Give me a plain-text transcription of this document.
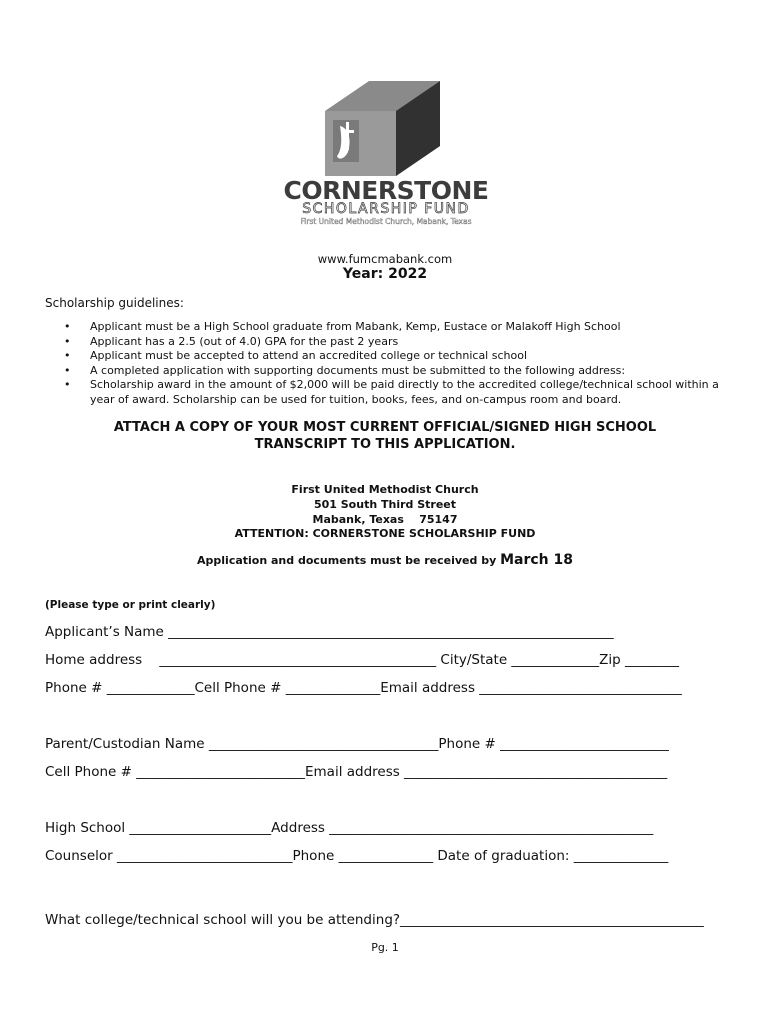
CORNERSTONE
SCHOLARSHIP FUND
First United Methodist Church, Mabank, Texas
www.fumcmabank.com
Year: 2022
Scholarship guidelines:
• Applicant must be a High School graduate from Mabank, Kemp, Eustace or Malakoff High School
• Applicant has a 2.5 (out of 4.0) GPA for the past 2 years
• Applicant must be accepted to attend an accredited college or technical school
• A completed application with supporting documents must be submitted to the following address:
• Scholarship award in the amount of $2,000 will be paid directly to the accredited college/technical school within a year of award. Scholarship can be used for tuition, books, fees, and on-campus room and board.
ATTACH A COPY OF YOUR MOST CURRENT OFFICIAL/SIGNED HIGH SCHOOL
TRANSCRIPT TO THIS APPLICATION.
First United Methodist Church
501 South Third Street
Mabank, Texas    75147
ATTENTION: CORNERSTONE SCHOLARSHIP FUND
Application and documents must be received by March 18
(Please type or print clearly)
Applicant’s Name __________________________________________________________________
Home address    _________________________________________ City/State _____________Zip ________
Phone # _____________Cell Phone # ______________Email address ______________________________
Parent/Custodian Name __________________________________Phone # _________________________
Cell Phone # _________________________Email address _______________________________________
High School _____________________Address ________________________________________________
Counselor __________________________Phone ______________ Date of graduation: ______________
What college/technical school will you be attending?_____________________________________________
Pg. 1
